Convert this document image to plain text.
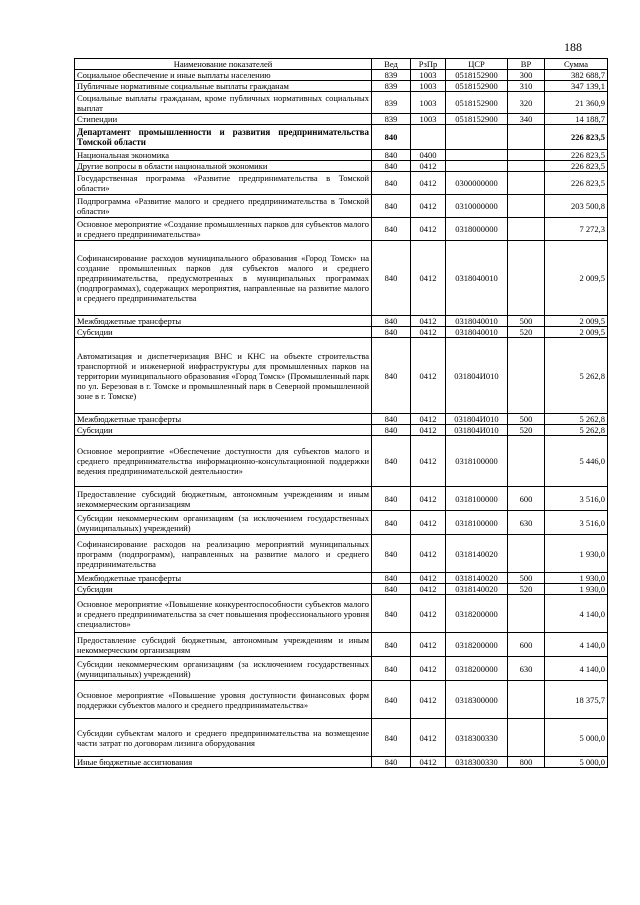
188
Наименование показателей	Вед	РзПр	ЦСР	ВР	Сумма
Социальное обеспечение и иные выплаты населению	839	1003	0518152900	300	382 688,7
Публичные нормативные социальные выплаты гражданам	839	1003	0518152900	310	347 139,1
Социальные выплаты гражданам, кроме публичных нормативных социальных выплат	839	1003	0518152900	320	21 360,9
Стипендии	839	1003	0518152900	340	14 188,7
Департамент промышленности и развития предпринимательства Томской области	840				226 823,5
Национальная экономика	840	0400			226 823,5
Другие вопросы в области национальной экономики	840	0412			226 823,5
Государственная программа «Развитие предпринимательства в Томской области»	840	0412	0300000000		226 823,5
Подпрограмма «Развитие малого и среднего предпринимательства в Томской области»	840	0412	0310000000		203 500,8
Основное мероприятие «Создание промышленных парков для субъектов малого и среднего предпринимательства»	840	0412	0318000000		7 272,3
Софинансирование расходов муниципального образования «Город Томск» на создание промышленных парков для субъектов малого и среднего предпринимательства, предусмотренных в муниципальных программах (подпрограммах), содержащих мероприятия, направленные на развитие малого и среднего предпринимательства	840	0412	0318040010		2 009,5
Межбюджетные трансферты	840	0412	0318040010	500	2 009,5
Субсидии	840	0412	0318040010	520	2 009,5
Автоматизация и диспетчеризация ВНС и КНС на объекте строительства транспортной и инженерной инфраструктуры для промышленных парков на территории муниципального образования «Город Томск» (Промышленный парк по ул. Березовая в г. Томске и промышленный парк в Северной промышленной зоне в г. Томске)	840	0412	031804И010		5 262,8
Межбюджетные трансферты	840	0412	031804И010	500	5 262,8
Субсидии	840	0412	031804И010	520	5 262,8
Основное мероприятие «Обеспечение доступности для субъектов малого и среднего предпринимательства информационно-консультационной поддержки ведения предпринимательской деятельности»	840	0412	0318100000		5 446,0
Предоставление субсидий бюджетным, автономным учреждениям и иным некоммерческим организациям	840	0412	0318100000	600	3 516,0
Субсидии некоммерческим организациям (за исключением государственных (муниципальных) учреждений)	840	0412	0318100000	630	3 516,0
Софинансирование расходов на реализацию мероприятий муниципальных программ (подпрограмм), направленных на развитие малого и среднего предпринимательства	840	0412	0318140020		1 930,0
Межбюджетные трансферты	840	0412	0318140020	500	1 930,0
Субсидии	840	0412	0318140020	520	1 930,0
Основное мероприятие «Повышение конкурентоспособности субъектов малого и среднего предпринимательства за счет повышения профессионального уровня специалистов»	840	0412	0318200000		4 140,0
Предоставление субсидий бюджетным, автономным учреждениям и иным некоммерческим организациям	840	0412	0318200000	600	4 140,0
Субсидии некоммерческим организациям (за исключением государственных (муниципальных) учреждений)	840	0412	0318200000	630	4 140,0
Основное мероприятие «Повышение уровня доступности финансовых форм поддержки субъектов малого и среднего предпринимательства»	840	0412	0318300000		18 375,7
Субсидии субъектам малого и среднего предпринимательства на возмещение части затрат по договорам лизинга оборудования	840	0412	0318300330		5 000,0
Иные бюджетные ассигнования	840	0412	0318300330	800	5 000,0
